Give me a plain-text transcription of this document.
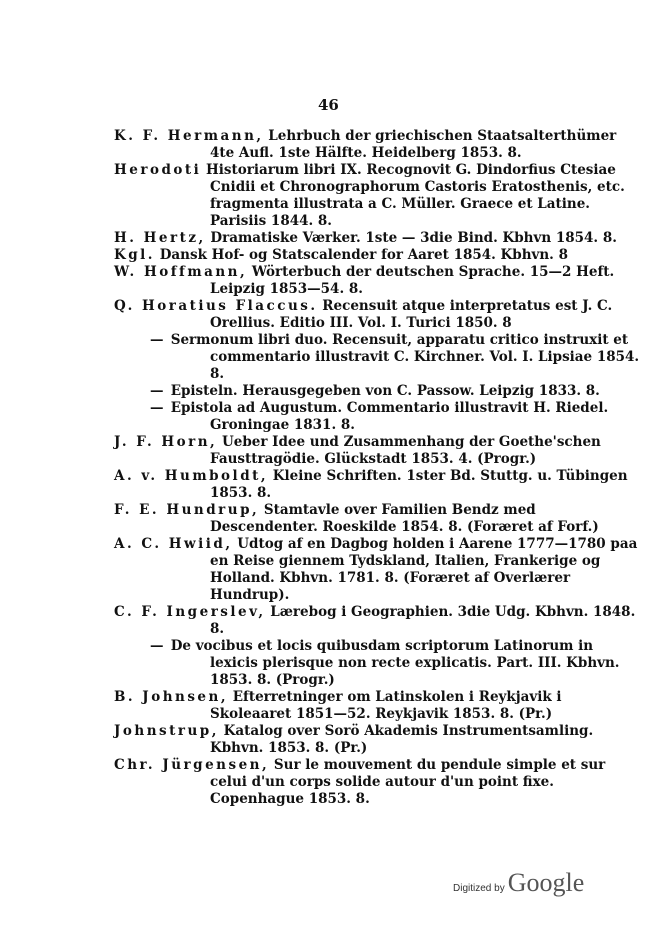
46
K. F. Hermann, Lehrbuch der griechischen Staatsalterthümer 4te Aufl. 1ste Hälfte. Heidelberg 1853. 8.
Herodoti Historiarum libri IX. Recognovit G. Dindorfius Ctesiae Cnidii et Chronographorum Castoris Eratosthenis, etc. fragmenta illustrata a C. Müller. Graece et Latine. Parisiis 1844. 8.
H. Hertz, Dramatiske Værker. 1ste — 3die Bind. Kbhvn 1854. 8.
Kgl. Dansk Hof- og Statscalender for Aaret 1854. Kbhvn. 8
W. Hoffmann, Wörterbuch der deutschen Sprache. 15—2 Heft. Leipzig 1853—54. 8.
Q. Horatius Flaccus. Recensuit atque interpretatus est J. C. Orellius. Editio III. Vol. I. Turici 1850. 8
— Sermonum libri duo. Recensuit, apparatu critico instruxit et commentario illustravit C. Kirchner. Vol. I. Lipsiae 1854. 8.
— Episteln. Herausgegeben von C. Passow. Leipzig 1833. 8.
— Epistola ad Augustum. Commentario illustravit H. Riedel. Groningae 1831. 8.
J. F. Horn, Ueber Idee und Zusammenhang der Goethe'schen Fausttragödie. Glückstadt 1853. 4. (Progr.)
A. v. Humboldt, Kleine Schriften. 1ster Bd. Stuttg. u. Tübingen 1853. 8.
F. E. Hundrup, Stamtavle over Familien Bendz med Descendenter. Roeskilde 1854. 8. (Foræret af Forf.)
A. C. Hwiid, Udtog af en Dagbog holden i Aarene 1777—1780 paa en Reise giennem Tydskland, Italien, Frankerige og Holland. Kbhvn. 1781. 8. (Foræret af Overlærer Hundrup).
C. F. Ingerslev, Lærebog i Geographien. 3die Udg. Kbhvn. 1848. 8.
— De vocibus et locis quibusdam scriptorum Latinorum in lexicis plerisque non recte explicatis. Part. III. Kbhvn. 1853. 8. (Progr.)
B. Johnsen, Efterretninger om Latinskolen i Reykjavik i Skoleaaret 1851—52. Reykjavik 1853. 8. (Pr.)
Johnstrup, Katalog over Sorö Akademis Instrumentsamling. Kbhvn. 1853. 8. (Pr.)
Chr. Jürgensen, Sur le mouvement du pendule simple et sur celui d'un corps solide autour d'un point fixe. Copenhague 1853. 8.
Digitized by Google
